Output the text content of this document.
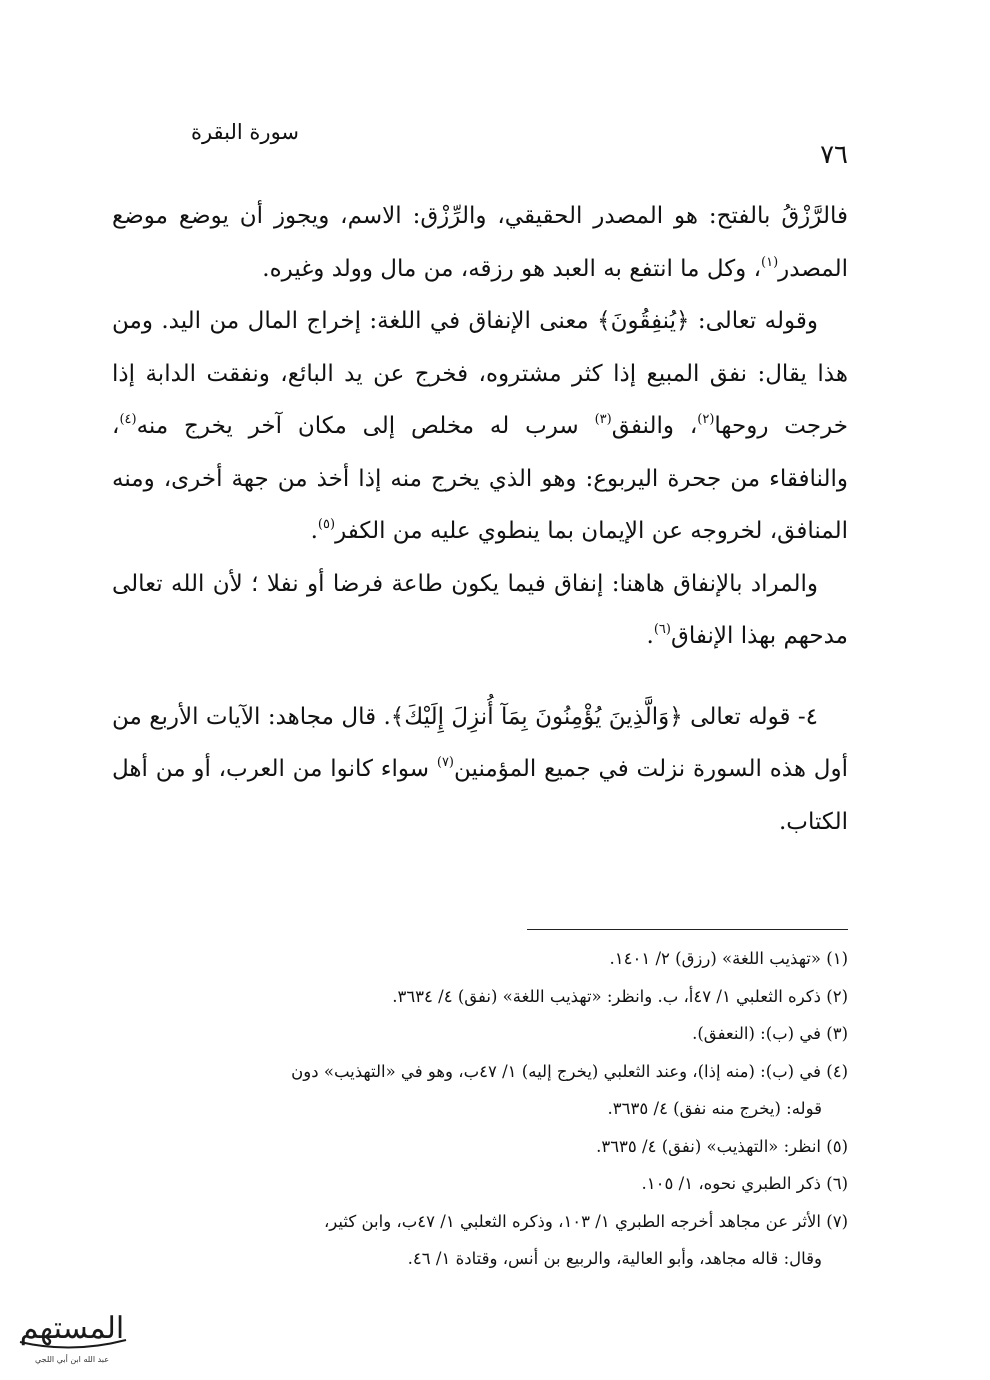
سورة البقرة
٧٦

فالرَّزْقُ بالفتح: هو المصدر الحقيقي، والرِّزْق: الاسم، ويجوز أن يوضع موضع المصدر$^{(١)}$، وكل ما انتفع به العبد هو رزقه، من مال وولد وغيره.

وقوله تعالى: ﴿يُنفِقُونَ﴾ معنى الإنفاق في اللغة: إخراج المال من اليد. ومن هذا يقال: نفق المبيع إذا كثر مشتروه، فخرج عن يد البائع، ونفقت الدابة إذا خرجت روحها$^{(٢)}$، والنفق$^{(٣)}$ سرب له مخلص إلى مكان آخر يخرج منه$^{(٤)}$، والنافقاء من جحرة اليربوع: وهو الذي يخرج منه إذا أخذ من جهة أخرى، ومنه المنافق، لخروجه عن الإيمان بما ينطوي عليه من الكفر$^{(٥)}$.

والمراد بالإنفاق هاهنا: إنفاق فيما يكون طاعة فرضا أو نفلا ؛ لأن الله تعالى مدحهم بهذا الإنفاق$^{(٦)}$.

٤- قوله تعالى ﴿وَالَّذِينَ يُؤْمِنُونَ بِمَآ أُنزِلَ إِلَيْكَ﴾. قال مجاهد: الآيات الأربع من أول هذه السورة نزلت في جميع المؤمنين$^{(٧)}$ سواء كانوا من العرب، أو من أهل الكتاب.

(١) «تهذيب اللغة» (رزق) ٢/ ١٤٠١.

(٢) ذكره الثعلبي ١/ ٤٧أ، ب. وانظر: «تهذيب اللغة» (نفق) ٤/ ٣٦٣٤.

(٣) في (ب): (النعفق).

(٤) في (ب): (منه إذا)، وعند الثعلبي (يخرج إليه) ١/ ٤٧ب، وهو في «التهذيب» دون

قوله: (يخرج منه نفق) ٤/ ٣٦٣٥.

(٥) انظر: «التهذيب» (نفق) ٤/ ٣٦٣٥.

(٦) ذكر الطبري نحوه، ١/ ١٠٥.

(٧) الأثر عن مجاهد أخرجه الطبري ١/ ١٠٣، وذكره الثعلبي ١/ ٤٧ب، وابن كثير،

وقال: قاله مجاهد، وأبو العالية، والربيع بن أنس، وقتادة ١/ ٤٦.

المستهم
عبد الله ابن أبي اللجي
